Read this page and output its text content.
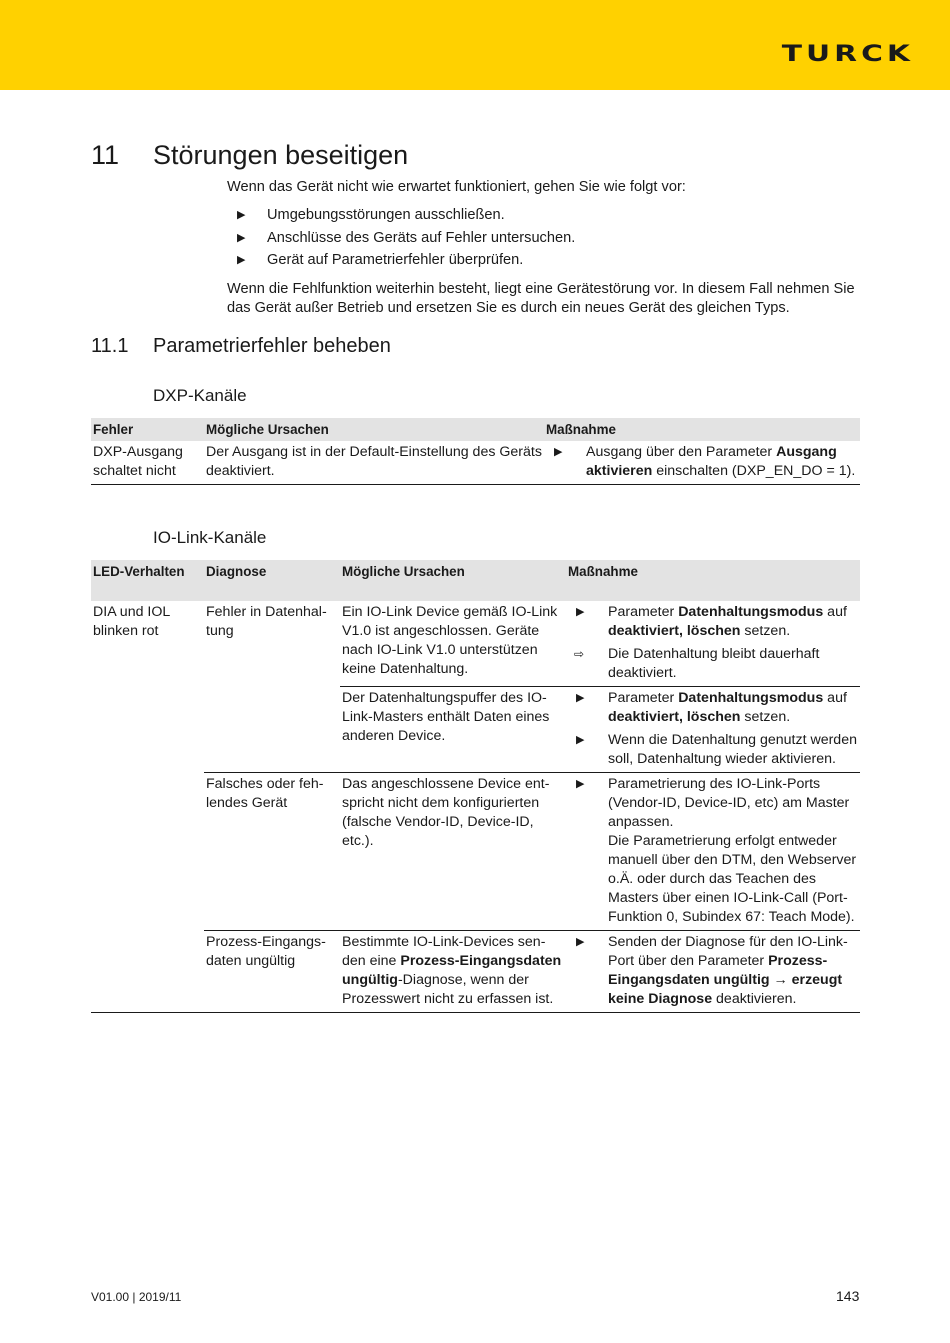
TURCK
11 Störungen beseitigen
Wenn das Gerät nicht wie erwartet funktioniert, gehen Sie wie folgt vor:
▶ Umgebungsstörungen ausschließen.
▶ Anschlüsse des Geräts auf Fehler untersuchen.
▶ Gerät auf Parametrierfehler überprüfen.
Wenn die Fehlfunktion weiterhin besteht, liegt eine Gerätestörung vor. In diesem Fall nehmen Sie das Gerät außer Betrieb und ersetzen Sie es durch ein neues Gerät des gleichen Typs.
11.1 Parametrierfehler beheben
DXP-Kanäle
Fehler	Mögliche Ursachen	Maßnahme
DXP-Ausgang schaltet nicht	Der Ausgang ist in der Default-Einstellung des Geräts deaktiviert.	▶ Ausgang über den Parameter Ausgang aktivieren einschalten (DXP_EN_DO = 1).
IO-Link-Kanäle
LED-Verhalten	Diagnose	Mögliche Ursachen	Maßnahme
DIA und IOL blinken rot	Fehler in Datenhaltung	Ein IO-Link Device gemäß IO-Link V1.0 ist angeschlossen. Geräte nach IO-Link V1.0 unterstützen keine Datenhaltung.	▶ Parameter Datenhaltungsmodus auf deaktiviert, löschen setzen.
⇨ Die Datenhaltung bleibt dauerhaft deaktiviert.

		Der Datenhaltungspuffer des IO-Link-Masters enthält Daten eines anderen Device.	▶ Parameter Datenhaltungsmodus auf deaktiviert, löschen setzen.
▶ Wenn die Datenhaltung genutzt werden soll, Datenhaltung wieder aktivieren.

	Falsches oder fehlendes Gerät	Das angeschlossene Device entspricht nicht dem konfigurierten (falsche Vendor-ID, Device-ID, etc.).	▶ Parametrierung des IO-Link-Ports (Vendor-ID, Device-ID, etc) am Master anpassen.
Die Parametrierung erfolgt entweder manuell über den DTM, den Webserver o.Ä. oder durch das Teachen des Masters über einen IO-Link-Call (Port-Funktion 0, Subindex 67: Teach Mode).

	Prozess-Eingangsdaten ungültig	Bestimmte IO-Link-Devices senden eine Prozess-Eingangsdaten ungültig-Diagnose, wenn der Prozesswert nicht zu erfassen ist.	▶ Senden der Diagnose für den IO-Link-Port über den Parameter Prozess-Eingangsdaten ungültig → erzeugt keine Diagnose deaktivieren.
V01.00 | 2019/11	143
